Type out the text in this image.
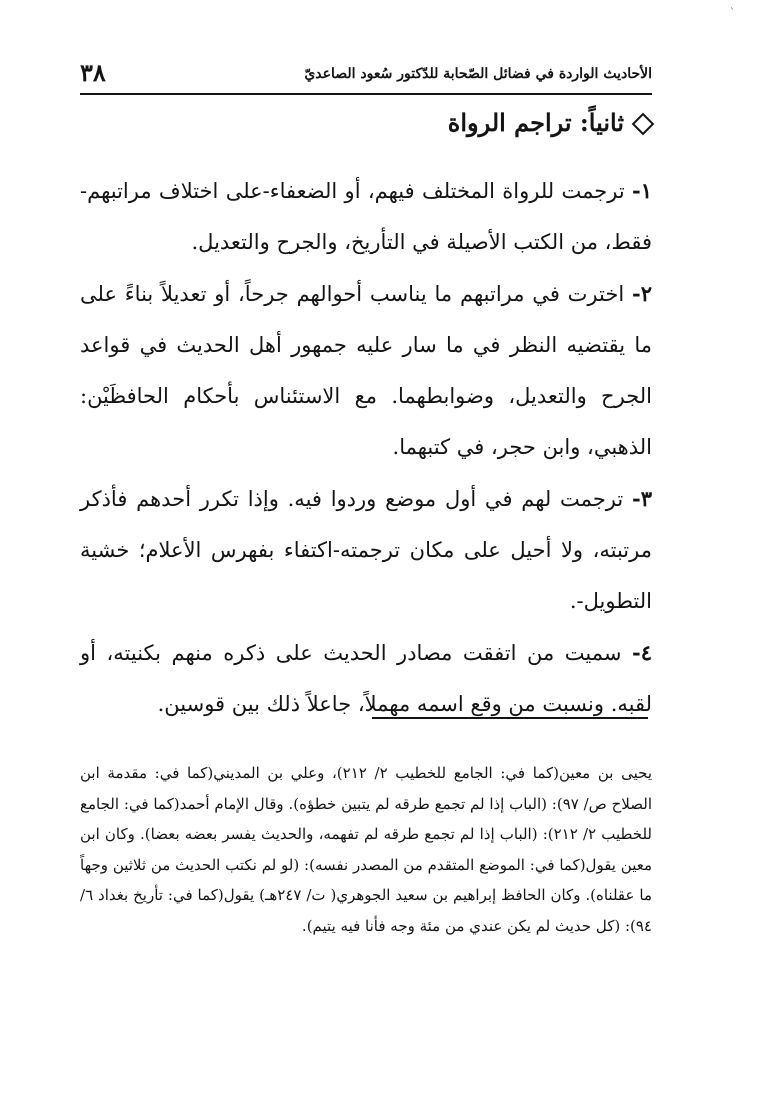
`
٣٨	الأحاديث الواردة في فضائل الصّحابة للدّكتور سُعود الصاعديّ
ثانياً: تراجم الرواة

١- ترجمت للرواة المختلف فيهم، أو الضعفاء-على اختلاف مراتبهم-فقط، من الكتب الأصيلة في التأريخ، والجرح والتعديل.

٢- اخترت في مراتبهم ما يناسب أحوالهم جرحاً، أو تعديلاً بناءً على ما يقتضيه النظر في ما سار عليه جمهور أهل الحديث في قواعد الجرح والتعديل، وضوابطهما. مع الاستئناس بأحكام الحافظَيْن: الذهبي، وابن حجر، في كتبهما.

٣- ترجمت لهم في أول موضع وردوا فيه. وإذا تكرر أحدهم فأذكر مرتبته، ولا أحيل على مكان ترجمته-اكتفاء بفهرس الأعلام؛ خشية التطويل-.

٤- سميت من اتفقت مصادر الحديث على ذكره منهم بكنيته، أو لقبه. ونسبت من وقع اسمه مهملاً، جاعلاً ذلك بين قوسين.

يحيى بن معين(كما في: الجامع للخطيب ٢/ ٢١٢)، وعلي بن المديني(كما في: مقدمة ابن الصلاح ص/ ٩٧): (الباب إذا لم تجمع طرقه لم يتبين خطؤه). وقال الإمام أحمد(كما في: الجامع للخطيب ٢/ ٢١٢): (الباب إذا لم تجمع طرقه لم تفهمه، والحديث يفسر بعضه بعضا). وكان ابن معين يقول(كما في: الموضع المتقدم من المصدر نفسه): (لو لم نكتب الحديث من ثلاثين وجهاً ما عقلناه). وكان الحافظ إبراهيم بن سعيد الجوهري( ت/ ٢٤٧هـ) يقول(كما في: تأريخ بغداد ٦/ ٩٤): (كل حديث لم يكن عندي من مئة وجه فأنا فيه يتيم).
